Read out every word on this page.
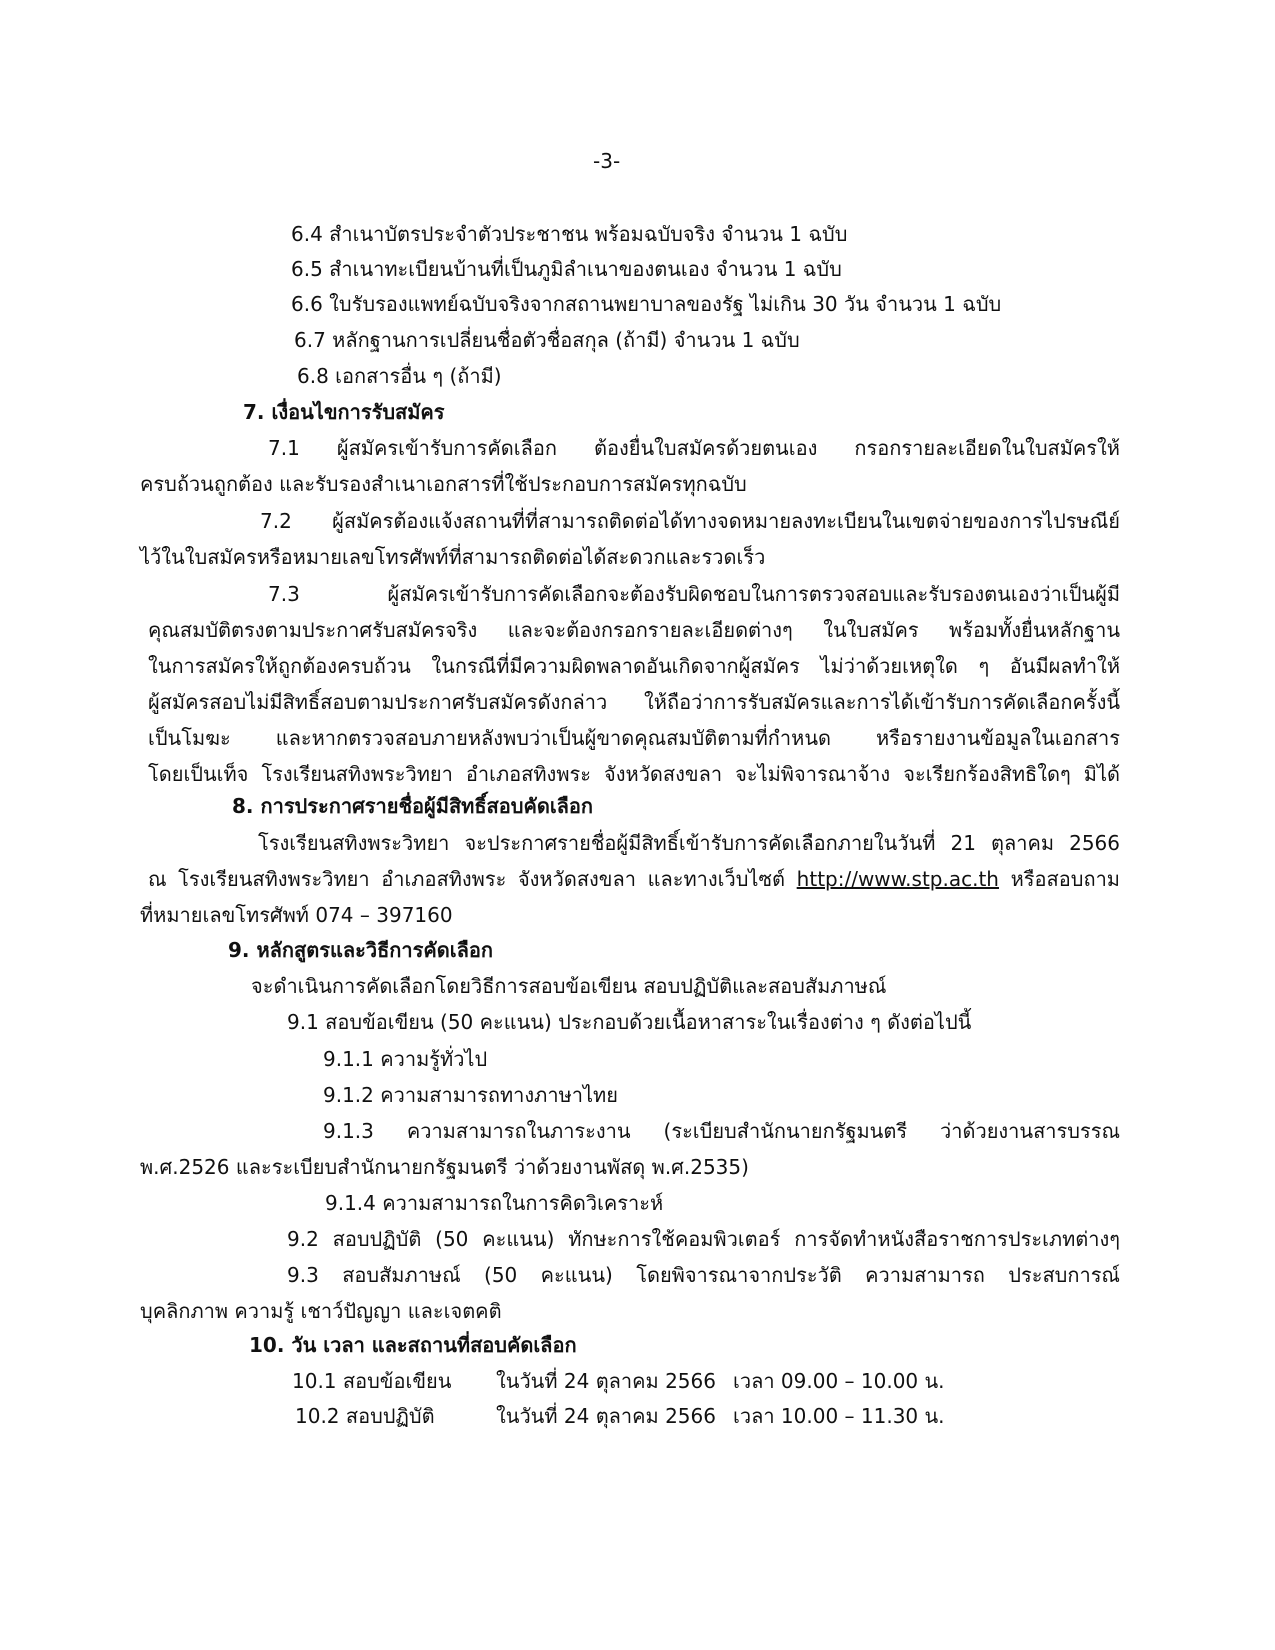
-3-
6.4 สำเนาบัตรประจำตัวประชาชน พร้อมฉบับจริง จำนวน 1 ฉบับ
6.5 สำเนาทะเบียนบ้านที่เป็นภูมิลำเนาของตนเอง จำนวน 1 ฉบับ
6.6 ใบรับรองแพทย์ฉบับจริงจากสถานพยาบาลของรัฐ ไม่เกิน 30 วัน จำนวน 1 ฉบับ
6.7 หลักฐานการเปลี่ยนชื่อตัวชื่อสกุล (ถ้ามี) จำนวน 1 ฉบับ
6.8 เอกสารอื่น ๆ (ถ้ามี)
7. เงื่อนไขการรับสมัคร
7.1 ผู้สมัครเข้ารับการคัดเลือก ต้องยื่นใบสมัครด้วยตนเอง กรอกรายละเอียดในใบสมัครให้
ครบถ้วนถูกต้อง และรับรองสำเนาเอกสารที่ใช้ประกอบการสมัครทุกฉบับ
7.2 ผู้สมัครต้องแจ้งสถานที่ที่สามารถติดต่อได้ทางจดหมายลงทะเบียนในเขตจ่ายของการไปรษณีย์
ไว้ในใบสมัครหรือหมายเลขโทรศัพท์ที่สามารถติดต่อได้สะดวกและรวดเร็ว
7.3 ผู้สมัครเข้ารับการคัดเลือกจะต้องรับผิดชอบในการตรวจสอบและรับรองตนเองว่าเป็นผู้มี
คุณสมบัติตรงตามประกาศรับสมัครจริง และจะต้องกรอกรายละเอียดต่างๆ ในใบสมัคร พร้อมทั้งยื่นหลักฐาน
ในการสมัครให้ถูกต้องครบถ้วน ในกรณีที่มีความผิดพลาดอันเกิดจากผู้สมัคร ไม่ว่าด้วยเหตุใด ๆ อันมีผลทำให้
ผู้สมัครสอบไม่มีสิทธิ์สอบตามประกาศรับสมัครดังกล่าว ให้ถือว่าการรับสมัครและการได้เข้ารับการคัดเลือกครั้งนี้
เป็นโมฆะ และหากตรวจสอบภายหลังพบว่าเป็นผู้ขาดคุณสมบัติตามที่กำหนด หรือรายงานข้อมูลในเอกสาร
โดยเป็นเท็จ โรงเรียนสทิงพระวิทยา อำเภอสทิงพระ จังหวัดสงขลา จะไม่พิจารณาจ้าง จะเรียกร้องสิทธิใดๆ มิได้
8. การประกาศรายชื่อผู้มีสิทธิ์สอบคัดเลือก
โรงเรียนสทิงพระวิทยา จะประกาศรายชื่อผู้มีสิทธิ์เข้ารับการคัดเลือกภายในวันที่ 21 ตุลาคม 2566
ณ โรงเรียนสทิงพระวิทยา อำเภอสทิงพระ จังหวัดสงขลา และทางเว็บไซต์ http://www.stp.ac.th หรือสอบถาม
ที่หมายเลขโทรศัพท์ 074 – 397160
9. หลักสูตรและวิธีการคัดเลือก
จะดำเนินการคัดเลือกโดยวิธีการสอบข้อเขียน สอบปฏิบัติและสอบสัมภาษณ์
9.1 สอบข้อเขียน (50 คะแนน) ประกอบด้วยเนื้อหาสาระในเรื่องต่าง ๆ ดังต่อไปนี้
9.1.1 ความรู้ทั่วไป
9.1.2 ความสามารถทางภาษาไทย
9.1.3 ความสามารถในภาระงาน (ระเบียบสำนักนายกรัฐมนตรี ว่าด้วยงานสารบรรณ
พ.ศ.2526 และระเบียบสำนักนายกรัฐมนตรี ว่าด้วยงานพัสดุ พ.ศ.2535)
9.1.4 ความสามารถในการคิดวิเคราะห์
9.2 สอบปฏิบัติ (50 คะแนน) ทักษะการใช้คอมพิวเตอร์ การจัดทำหนังสือราชการประเภทต่างๆ
9.3 สอบสัมภาษณ์ (50 คะแนน) โดยพิจารณาจากประวัติ ความสามารถ ประสบการณ์
บุคลิกภาพ ความรู้ เชาว์ปัญญา และเจตคติ
10. วัน เวลา และสถานที่สอบคัดเลือก
10.1 สอบข้อเขียน ในวันที่ 24 ตุลาคม 2566 เวลา 09.00 – 10.00 น.
10.2 สอบปฏิบัติ	ในวันที่ 24 ตุลาคม 2566 เวลา 10.00 – 11.30 น.
